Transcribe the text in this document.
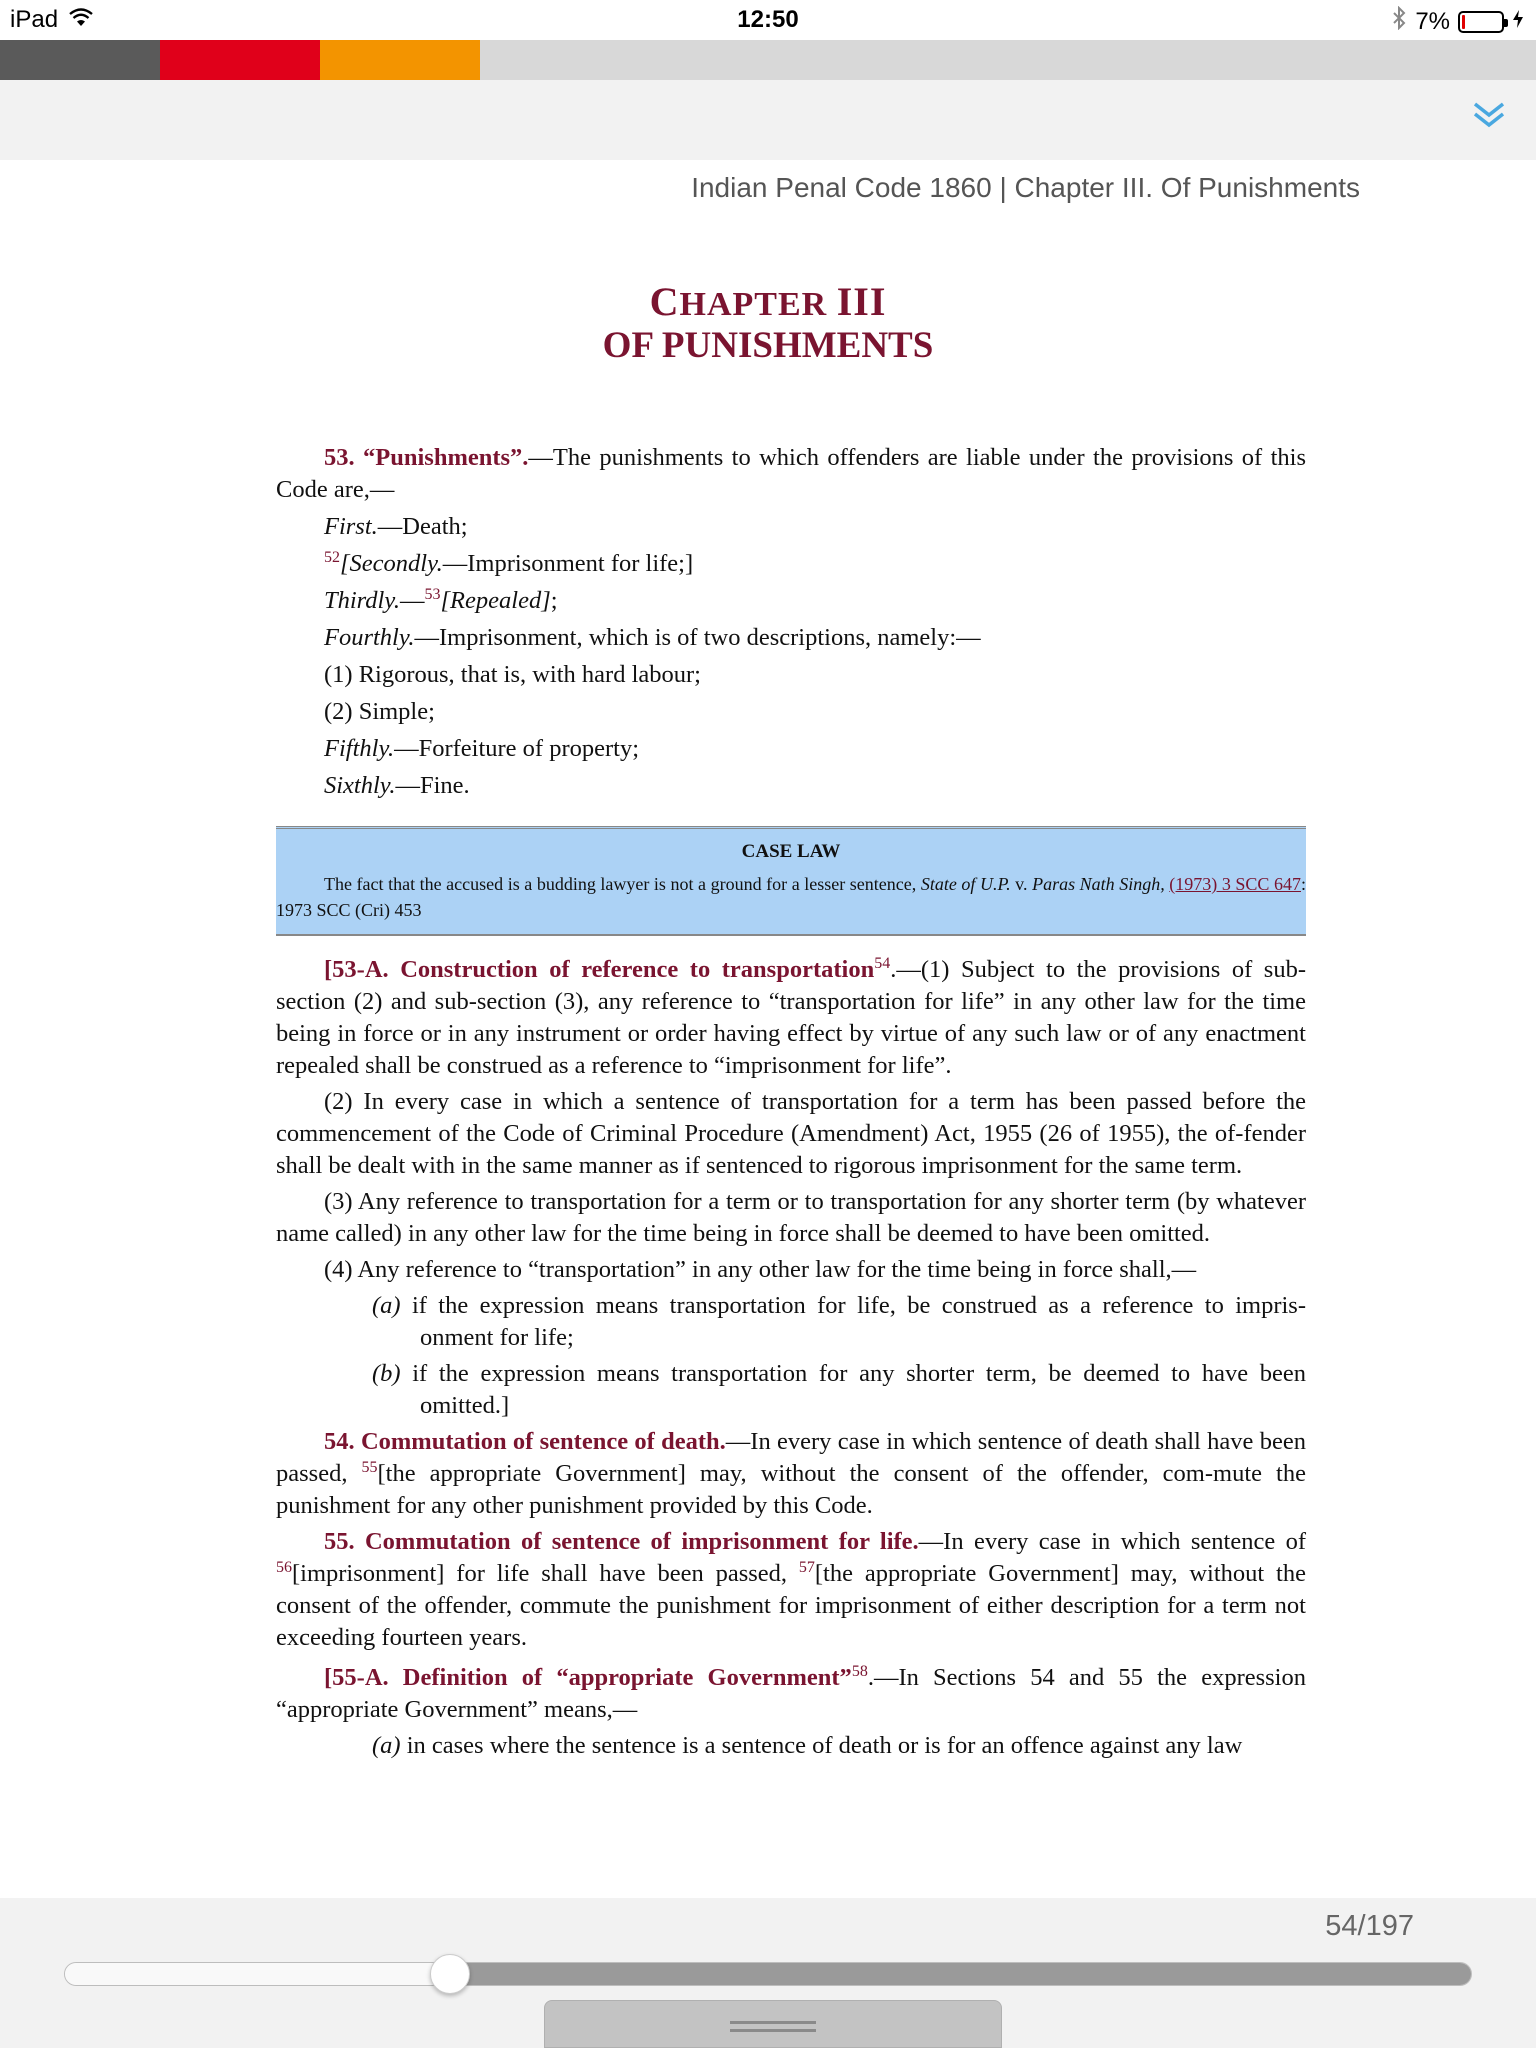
iPad	12:50	7%
Indian Penal Code 1860 | Chapter III. Of Punishments
CHAPTER III
OF PUNISHMENTS

53. “Punishments”.—The punishments to which offenders are liable under the provisions of this Code are,—

First.—Death;

$^{52}$[Secondly.—Imprisonment for life;]

Thirdly.—$^{53}$[Repealed];

Fourthly.—Imprisonment, which is of two descriptions, namely:—

(1) Rigorous, that is, with hard labour;

(2) Simple;

Fifthly.—Forfeiture of property;

Sixthly.—Fine.

CASE LAW

The fact that the accused is a budding lawyer is not a ground for a lesser sentence, State of U.P. v. Paras Nath Singh, (1973) 3 SCC 647: 1973 SCC (Cri) 453

[53-A. Construction of reference to transportation$^{54}$.—(1) Subject to the provisions of sub-section (2) and sub-section (3), any reference to “transportation for life” in any other law for the time being in force or in any instrument or order having effect by virtue of any such law or of any enactment repealed shall be construed as a reference to “imprisonment for life”.

(2) In every case in which a sentence of transportation for a term has been passed before the commencement of the Code of Criminal Procedure (Amendment) Act, 1955 (26 of 1955), the of-fender shall be dealt with in the same manner as if sentenced to rigorous imprisonment for the same term.

(3) Any reference to transportation for a term or to transportation for any shorter term (by whatever name called) in any other law for the time being in force shall be deemed to have been omitted.

(4) Any reference to “transportation” in any other law for the time being in force shall,—

(a) if the expression means transportation for life, be construed as a reference to impris-onment for life;

(b) if the expression means transportation for any shorter term, be deemed to have been omitted.]

54. Commutation of sentence of death.—In every case in which sentence of death shall have been passed, $^{55}$[the appropriate Government] may, without the consent of the offender, com-mute the punishment for any other punishment provided by this Code.

55. Commutation of sentence of imprisonment for life.—In every case in which sentence of $^{56}$[imprisonment] for life shall have been passed, $^{57}$[the appropriate Government] may, without the consent of the offender, commute the punishment for imprisonment of either description for a term not exceeding fourteen years.

[55-A. Definition of “appropriate Government”$^{58}$.—In Sections 54 and 55 the expression “appropriate Government” means,—

(a) in cases where the sentence is a sentence of death or is for an offence against any law

54/197
